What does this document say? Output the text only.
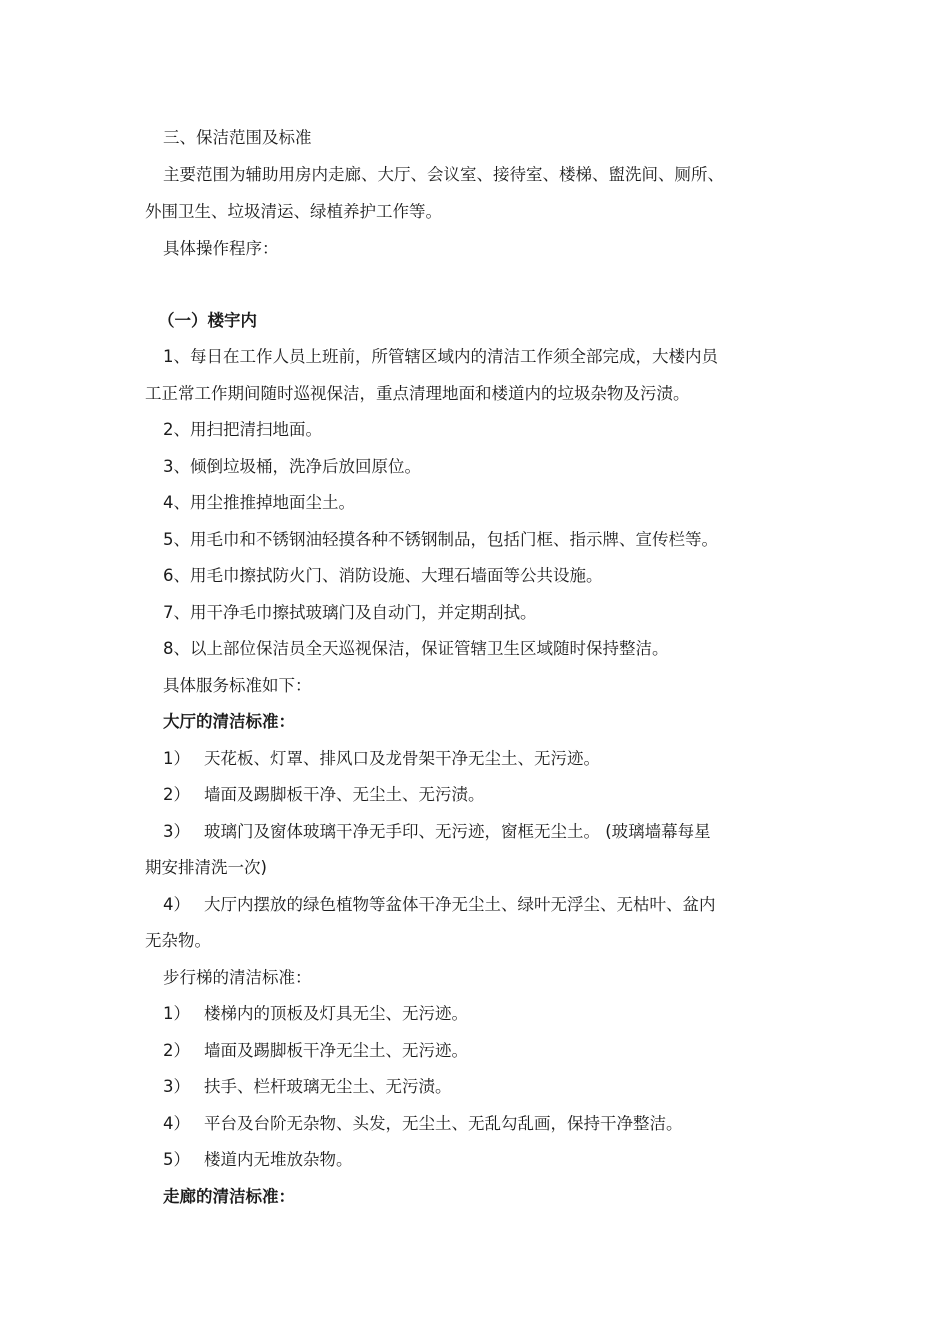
三、保洁范围及标准
主要范围为辅助用房内走廊、大厅、会议室、接待室、楼梯、盥洗间、厕所、
外围卫生、垃圾清运、绿植养护工作等。
具体操作程序：
（一）楼宇内
1、每日在工作人员上班前，所管辖区域内的清洁工作须全部完成，大楼内员
工正常工作期间随时巡视保洁，重点清理地面和楼道内的垃圾杂物及污渍。
2、用扫把清扫地面。
3、倾倒垃圾桶，洗净后放回原位。
4、用尘推推掉地面尘土。
5、用毛巾和不锈钢油轻摸各种不锈钢制品，包括门框、指示牌、宣传栏等。
6、用毛巾擦拭防火门、消防设施、大理石墙面等公共设施。
7、用干净毛巾擦拭玻璃门及自动门，并定期刮拭。
8、以上部位保洁员全天巡视保洁，保证管辖卫生区域随时保持整洁。
具体服务标准如下：
大厅的清洁标准：
1） 天花板、灯罩、排风口及龙骨架干净无尘土、无污迹。
2） 墙面及踢脚板干净、无尘土、无污渍。
3） 玻璃门及窗体玻璃干净无手印、无污迹，窗框无尘土。 (玻璃墙幕每星
期安排清洗一次)
4） 大厅内摆放的绿色植物等盆体干净无尘土、绿叶无浮尘、无枯叶、盆内
无杂物。
步行梯的清洁标准：
1） 楼梯内的顶板及灯具无尘、无污迹。
2） 墙面及踢脚板干净无尘土、无污迹。
3） 扶手、栏杆玻璃无尘土、无污渍。
4） 平台及台阶无杂物、头发，无尘土、无乱勾乱画，保持干净整洁。
5） 楼道内无堆放杂物。
走廊的清洁标准：
